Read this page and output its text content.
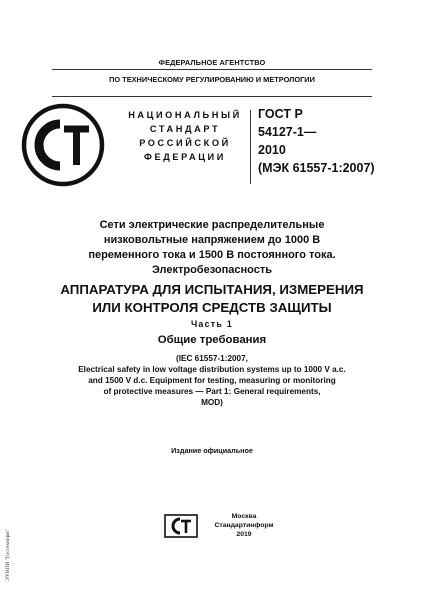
ФЕДЕРАЛЬНОЕ АГЕНТСТВО
ПО ТЕХНИЧЕСКОМУ РЕГУЛИРОВАНИЮ И МЕТРОЛОГИИ
НАЦИОНАЛЬНЫЙ
СТАНДАРТ
РОССИЙСКОЙ
ФЕДЕРАЦИИ
ГОСТ Р
54127-1—
2010
(МЭК 61557-1:2007)
Сети электрические распределительные
низковольтные напряжением до 1000 В
переменного тока и 1500 В постоянного тока.
Электробезопасность
АППАРАТУРА ДЛЯ ИСПЫТАНИЯ, ИЗМЕРЕНИЯ
ИЛИ КОНТРОЛЯ СРЕДСТВ ЗАЩИТЫ
Часть 1
Общие требования
(IEC 61557-1:2007,
Electrical safety in low voltage distribution systems up to 1000 V a.c.
and 1500 V d.c. Equipment for testing, measuring or monitoring
of protective measures — Part 1: General requirements,
MOD)
Издание официальное
Москва
Стандартинформ
2019
ЭУНПИ "Гостехнорм"
